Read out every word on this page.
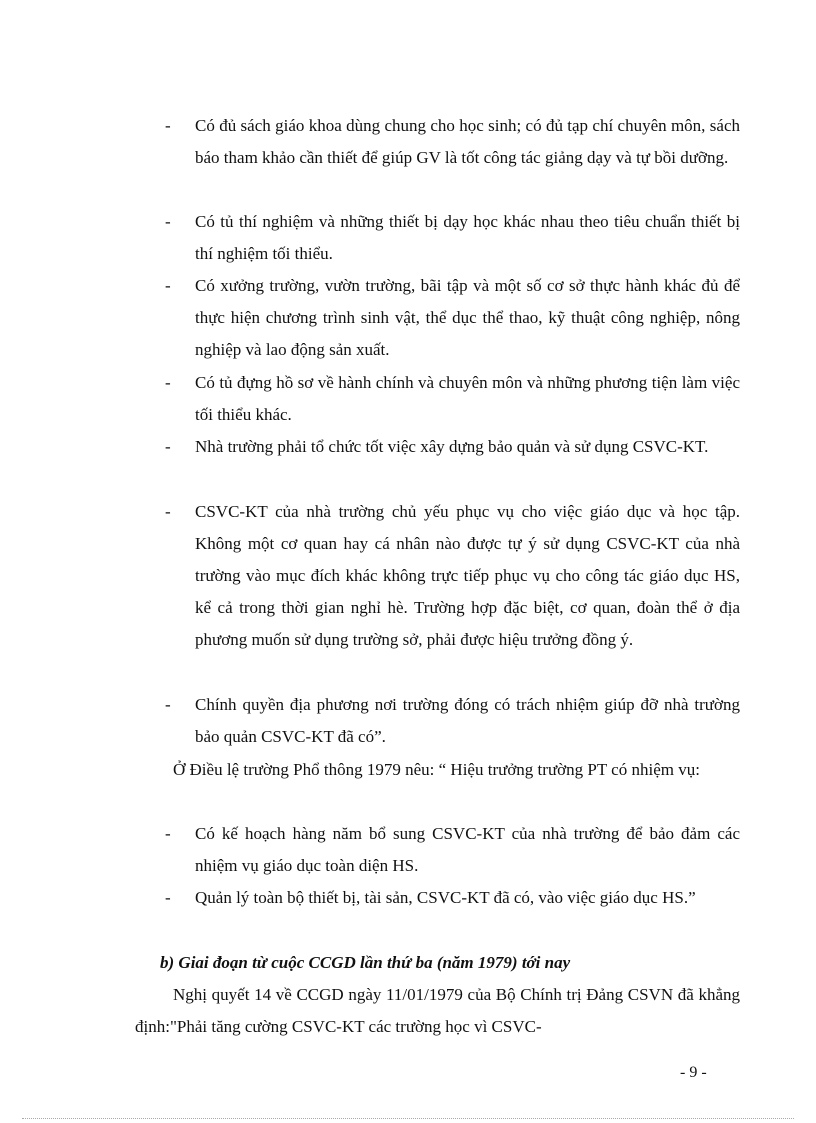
- Có đủ sách giáo khoa dùng chung cho học sinh; có đủ tạp chí chuyên môn, sách báo tham khảo cần thiết để giúp GV là tốt công tác giảng dạy và tự bồi dưỡng.
- Có tủ thí nghiệm và những thiết bị dạy học khác nhau theo tiêu chuẩn thiết bị thí nghiệm tối thiểu.
- Có xưởng trường, vườn trường, bãi tập và một số cơ sở thực hành khác đủ để thực hiện chương trình sinh vật, thể dục thể thao, kỹ thuật công nghiệp, nông nghiệp và lao động sản xuất.
- Có tủ đựng hồ sơ về hành chính và chuyên môn và những phương tiện làm việc tối thiểu khác.
- Nhà trường phải tổ chức tốt việc xây dựng bảo quản và sử dụng CSVC-KT.
- CSVC-KT của nhà trường chủ yếu phục vụ cho việc giáo dục và học tập. Không một cơ quan hay cá nhân nào được tự ý sử dụng CSVC-KT của nhà trường vào mục đích khác không trực tiếp phục vụ cho công tác giáo dục HS, kể cả trong thời gian nghỉ hè. Trường hợp đặc biệt, cơ quan, đoàn thể ở địa phương muốn sử dụng trường sở, phải được hiệu trưởng đồng ý.
- Chính quyền địa phương nơi trường đóng có trách nhiệm giúp đỡ nhà trường bảo quản CSVC-KT đã có”.
Ở Điều lệ trường Phổ thông 1979 nêu: “ Hiệu trưởng trường PT có nhiệm vụ:
- Có kế hoạch hàng năm bổ sung CSVC-KT của nhà trường để bảo đảm các nhiệm vụ giáo dục toàn diện HS.
- Quản lý toàn bộ thiết bị, tài sản, CSVC-KT đã có, vào việc giáo dục HS.”
b) Giai đoạn từ cuộc CCGD lần thứ ba (năm 1979) tới nay
Nghị quyết 14 về CCGD ngày 11/01/1979 của Bộ Chính trị Đảng CSVN đã khẳng định:"Phải tăng cường CSVC-KT các trường học vì CSVC-
- 9 -
